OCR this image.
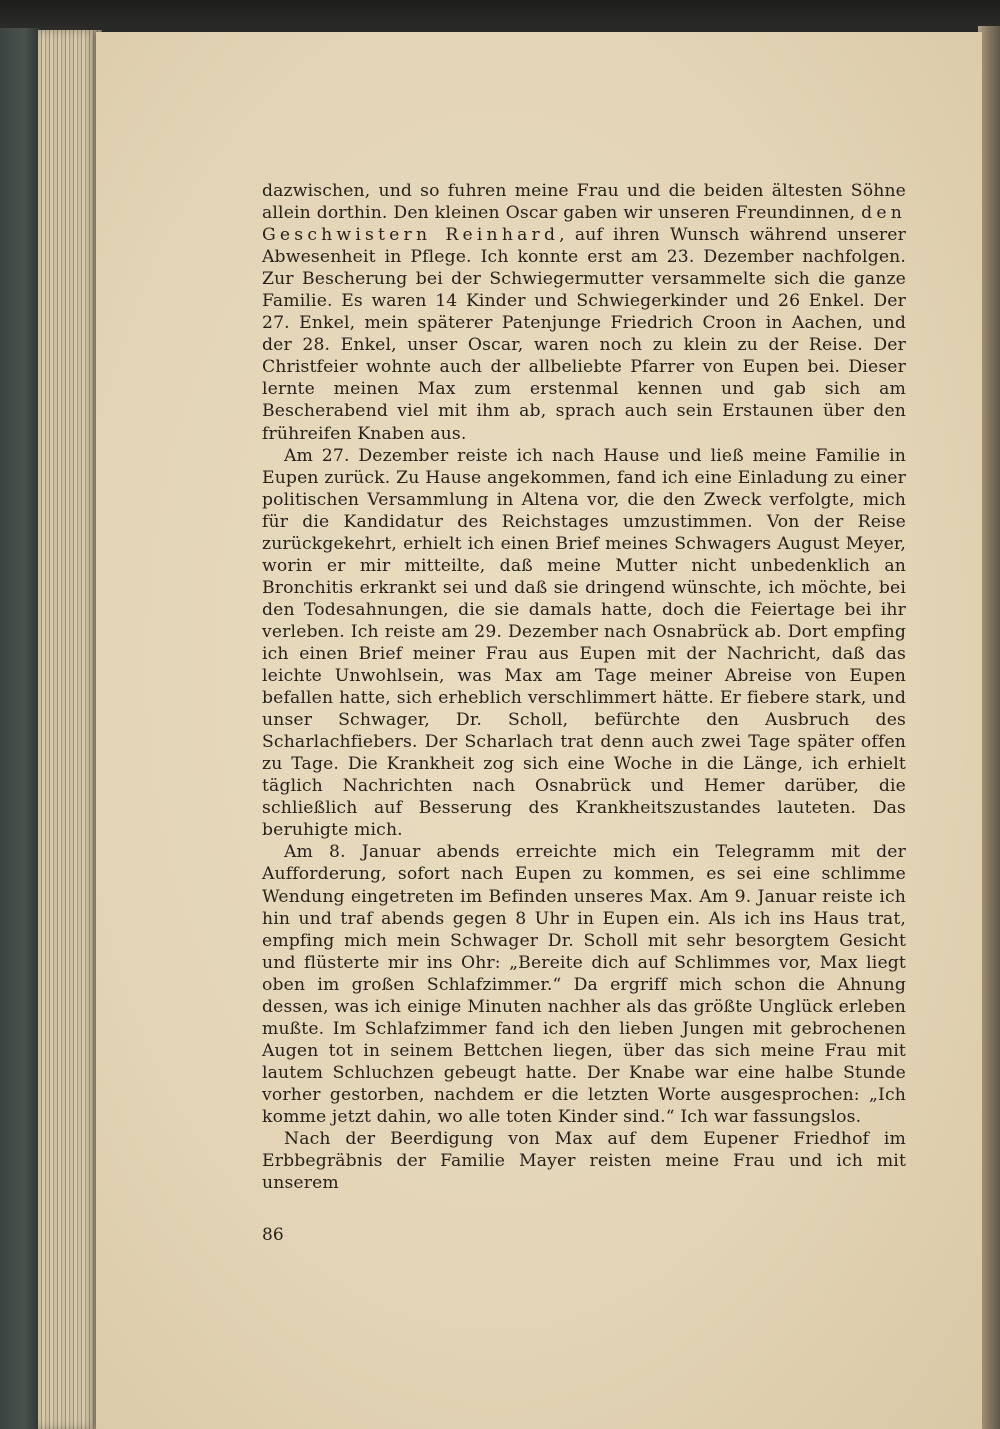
dazwischen, und so fuhren meine Frau und die beiden ältesten Söhne allein dorthin. Den kleinen Oscar gaben wir unseren Freundinnen, den Geschwistern Reinhard, auf ihren Wunsch während unserer Abwesenheit in Pflege. Ich konnte erst am 23. Dezember nachfolgen. Zur Bescherung bei der Schwiegermutter versammelte sich die ganze Familie. Es waren 14 Kinder und Schwiegerkinder und 26 Enkel. Der 27. Enkel, mein späterer Patenjunge Friedrich Croon in Aachen, und der 28. Enkel, unser Oscar, waren noch zu klein zu der Reise. Der Christfeier wohnte auch der allbeliebte Pfarrer von Eupen bei. Dieser lernte meinen Max zum erstenmal kennen und gab sich am Bescherabend viel mit ihm ab, sprach auch sein Erstaunen über den frühreifen Knaben aus.

Am 27. Dezember reiste ich nach Hause und ließ meine Familie in Eupen zurück. Zu Hause angekommen, fand ich eine Einladung zu einer politischen Versammlung in Altena vor, die den Zweck verfolgte, mich für die Kandidatur des Reichstages umzustimmen. Von der Reise zurückgekehrt, erhielt ich einen Brief meines Schwagers August Meyer, worin er mir mitteilte, daß meine Mutter nicht unbedenklich an Bronchitis erkrankt sei und daß sie dringend wünschte, ich möchte, bei den Todesahnungen, die sie damals hatte, doch die Feiertage bei ihr verleben. Ich reiste am 29. Dezember nach Osnabrück ab. Dort empfing ich einen Brief meiner Frau aus Eupen mit der Nachricht, daß das leichte Unwohlsein, was Max am Tage meiner Abreise von Eupen befallen hatte, sich erheblich verschlimmert hätte. Er fiebere stark, und unser Schwager, Dr. Scholl, befürchte den Ausbruch des Scharlachfiebers. Der Scharlach trat denn auch zwei Tage später offen zu Tage. Die Krankheit zog sich eine Woche in die Länge, ich erhielt täglich Nachrichten nach Osnabrück und Hemer darüber, die schließlich auf Besserung des Krankheitszustandes lauteten. Das beruhigte mich.

Am 8. Januar abends erreichte mich ein Telegramm mit der Aufforderung, sofort nach Eupen zu kommen, es sei eine schlimme Wendung eingetreten im Befinden unseres Max. Am 9. Januar reiste ich hin und traf abends gegen 8 Uhr in Eupen ein. Als ich ins Haus trat, empfing mich mein Schwager Dr. Scholl mit sehr besorgtem Gesicht und flüsterte mir ins Ohr: „Bereite dich auf Schlimmes vor, Max liegt oben im großen Schlafzimmer.“ Da ergriff mich schon die Ahnung dessen, was ich einige Minuten nachher als das größte Unglück erleben mußte. Im Schlafzimmer fand ich den lieben Jungen mit gebrochenen Augen tot in seinem Bettchen liegen, über das sich meine Frau mit lautem Schluchzen gebeugt hatte. Der Knabe war eine halbe Stunde vorher gestorben, nachdem er die letzten Worte ausgesprochen: „Ich komme jetzt dahin, wo alle toten Kinder sind.“ Ich war fassungslos.

Nach der Beerdigung von Max auf dem Eupener Friedhof im Erbbegräbnis der Familie Mayer reisten meine Frau und ich mit unserem

86
